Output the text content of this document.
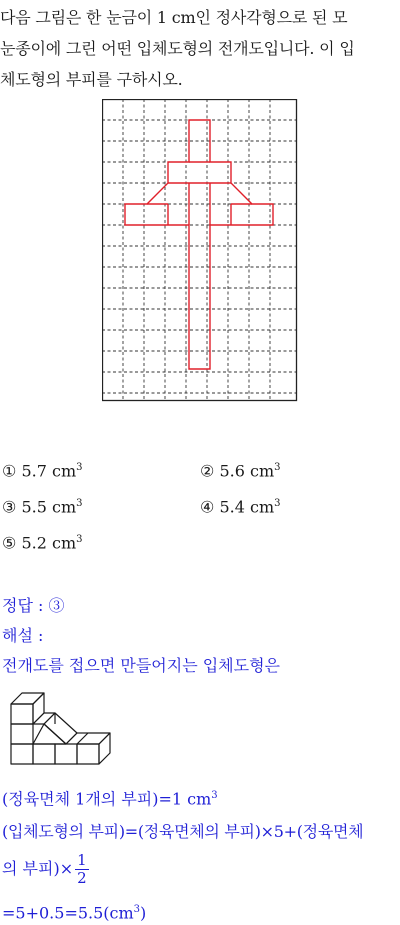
다음 그림은 한 눈금이 1 cm인 정사각형으로 된 모
눈종이에 그린 어떤 입체도형의 전개도입니다. 이 입
체도형의 부피를 구하시오.
① 5.7 $cm^3$	② 5.6 $cm^3$
③ 5.5 $cm^3$	④ 5.4 $cm^3$
⑤ 5.2 $cm^3$
정답 : ③
해설 :
전개도를 접으면 만들어지는 입체도형은
(정육면체 1개의 부피)=1 $cm^3$
(입체도형의 부피)=(정육면체의 부피)×5+(정육면체
의 부피)× $\frac{1}{2}$
$=5+0.5=5.5(cm^3)$
